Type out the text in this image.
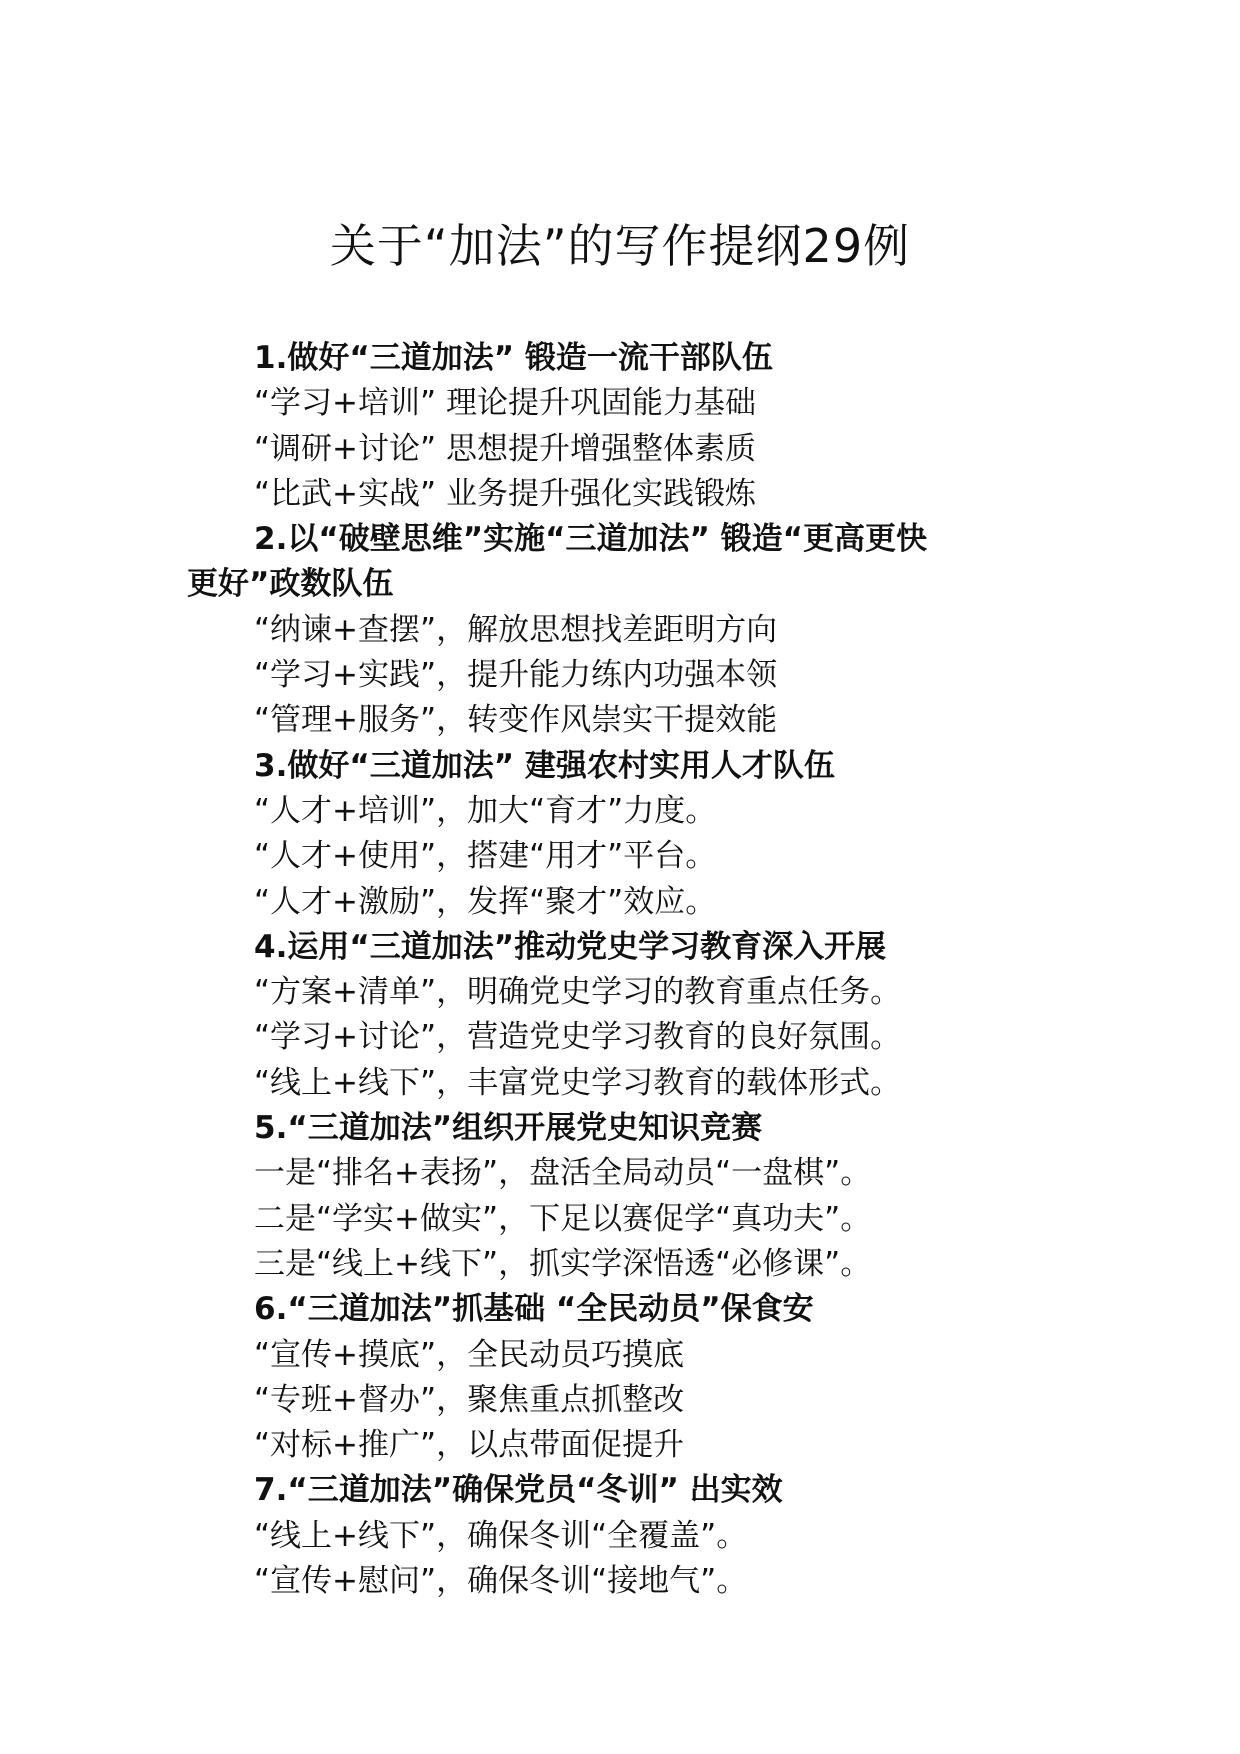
关于“加法”的写作提纲29例
1.做好“三道加法” 锻造一流干部队伍
“学习+培训” 理论提升巩固能力基础
“调研+讨论” 思想提升增强整体素质
“比武+实战” 业务提升强化实践锻炼
2.以“破壁思维”实施“三道加法” 锻造“更高更快
更好”政数队伍
“纳谏+查摆”，解放思想找差距明方向
“学习+实践”，提升能力练内功强本领
“管理+服务”，转变作风崇实干提效能
3.做好“三道加法” 建强农村实用人才队伍
“人才+培训”，加大“育才”力度。
“人才+使用”，搭建“用才”平台。
“人才+激励”，发挥“聚才”效应。
4.运用“三道加法”推动党史学习教育深入开展
“方案+清单”，明确党史学习的教育重点任务。
“学习+讨论”，营造党史学习教育的良好氛围。
“线上+线下”，丰富党史学习教育的载体形式。
5.“三道加法”组织开展党史知识竞赛
一是“排名+表扬”，盘活全局动员“一盘棋”。
二是“学实+做实”，下足以赛促学“真功夫”。
三是“线上+线下”，抓实学深悟透“必修课”。
6.“三道加法”抓基础 “全民动员”保食安
“宣传+摸底”，全民动员巧摸底
“专班+督办”，聚焦重点抓整改
“对标+推广”，以点带面促提升
7.“三道加法”确保党员“冬训” 出实效
“线上+线下”，确保冬训“全覆盖”。
“宣传+慰问”，确保冬训“接地气”。
